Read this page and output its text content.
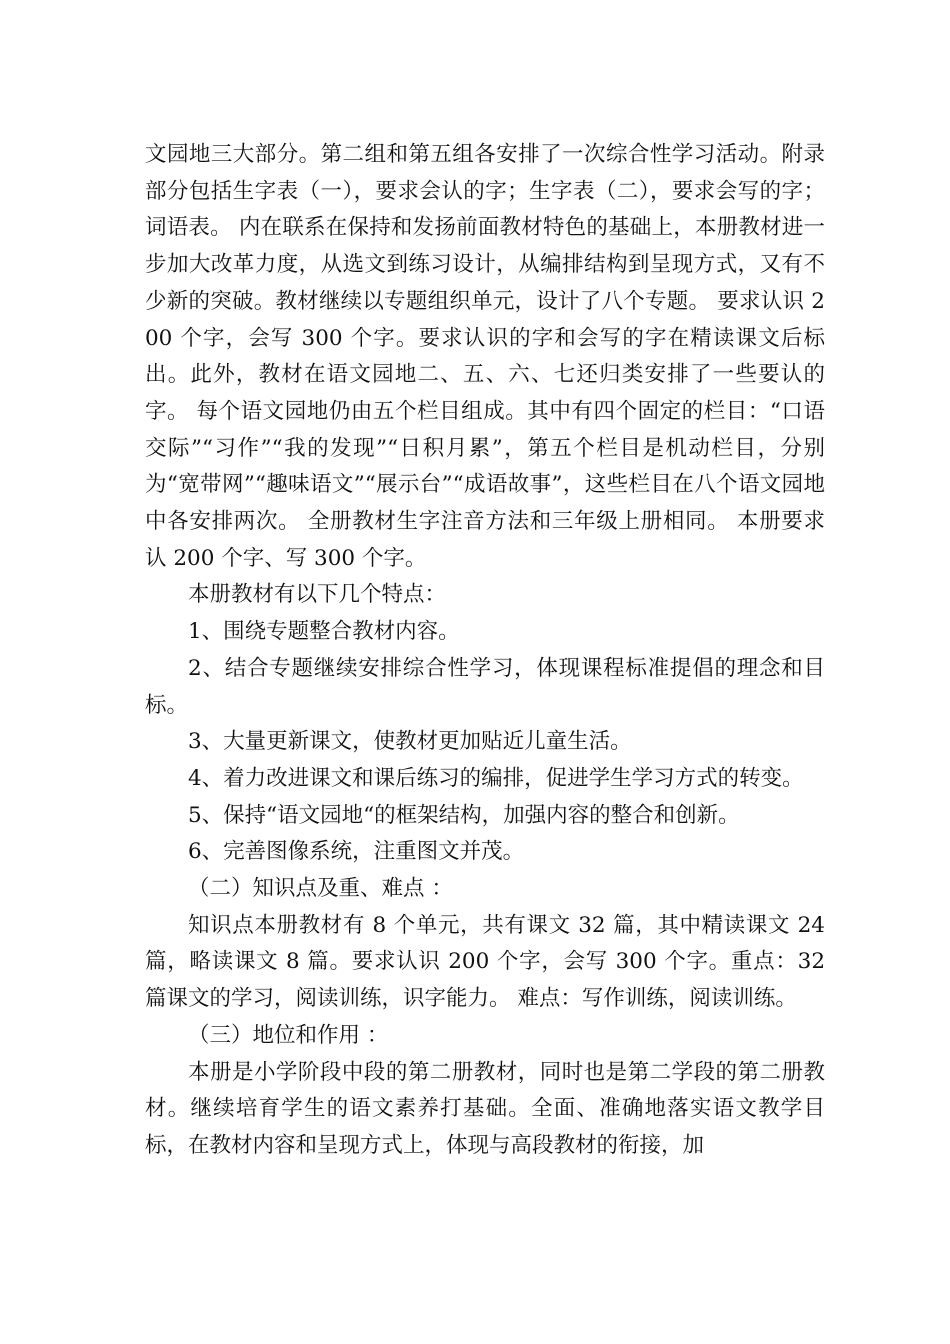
文园地三大部分。第二组和第五组各安排了一次综合性学习活动。附录部分包括生字表（一），要求会认的字；生字表（二），要求会写的字；词语表。 内在联系在保持和发扬前面教材特色的基础上，本册教材进一步加大改革力度，从选文到练习设计，从编排结构到呈现方式，又有不少新的突破。教材继续以专题组织单元，设计了八个专题。 要求认识 200 个字，会写 300 个字。要求认识的字和会写的字在精读课文后标出。此外，教材在语文园地二、五、六、七还归类安排了一些要认的字。 每个语文园地仍由五个栏目组成。其中有四个固定的栏目：“口语交际”“习作”“我的发现”“日积月累”，第五个栏目是机动栏目，分别为“宽带网”“趣味语文”“展示台”“成语故事”，这些栏目在八个语文园地中各安排两次。 全册教材生字注音方法和三年级上册相同。 本册要求认 200 个字、写 300 个字。

本册教材有以下几个特点：

1、围绕专题整合教材内容。

2、结合专题继续安排综合性学习，体现课程标准提倡的理念和目标。

3、大量更新课文，使教材更加贴近儿童生活。

4、着力改进课文和课后练习的编排，促进学生学习方式的转变。

5、保持“语文园地“的框架结构，加强内容的整合和创新。

6、完善图像系统，注重图文并茂。

（二）知识点及重、难点 ：

知识点本册教材有 8 个单元，共有课文 32 篇，其中精读课文 24 篇，略读课文 8 篇。要求认识 200 个字，会写 300 个字。重点：32 篇课文的学习，阅读训练，识字能力。 难点：写作训练，阅读训练。

（三）地位和作用 ：

本册是小学阶段中段的第二册教材，同时也是第二学段的第二册教材。继续培育学生的语文素养打基础。全面、准确地落实语文教学目标，在教材内容和呈现方式上，体现与高段教材的衔接，加
